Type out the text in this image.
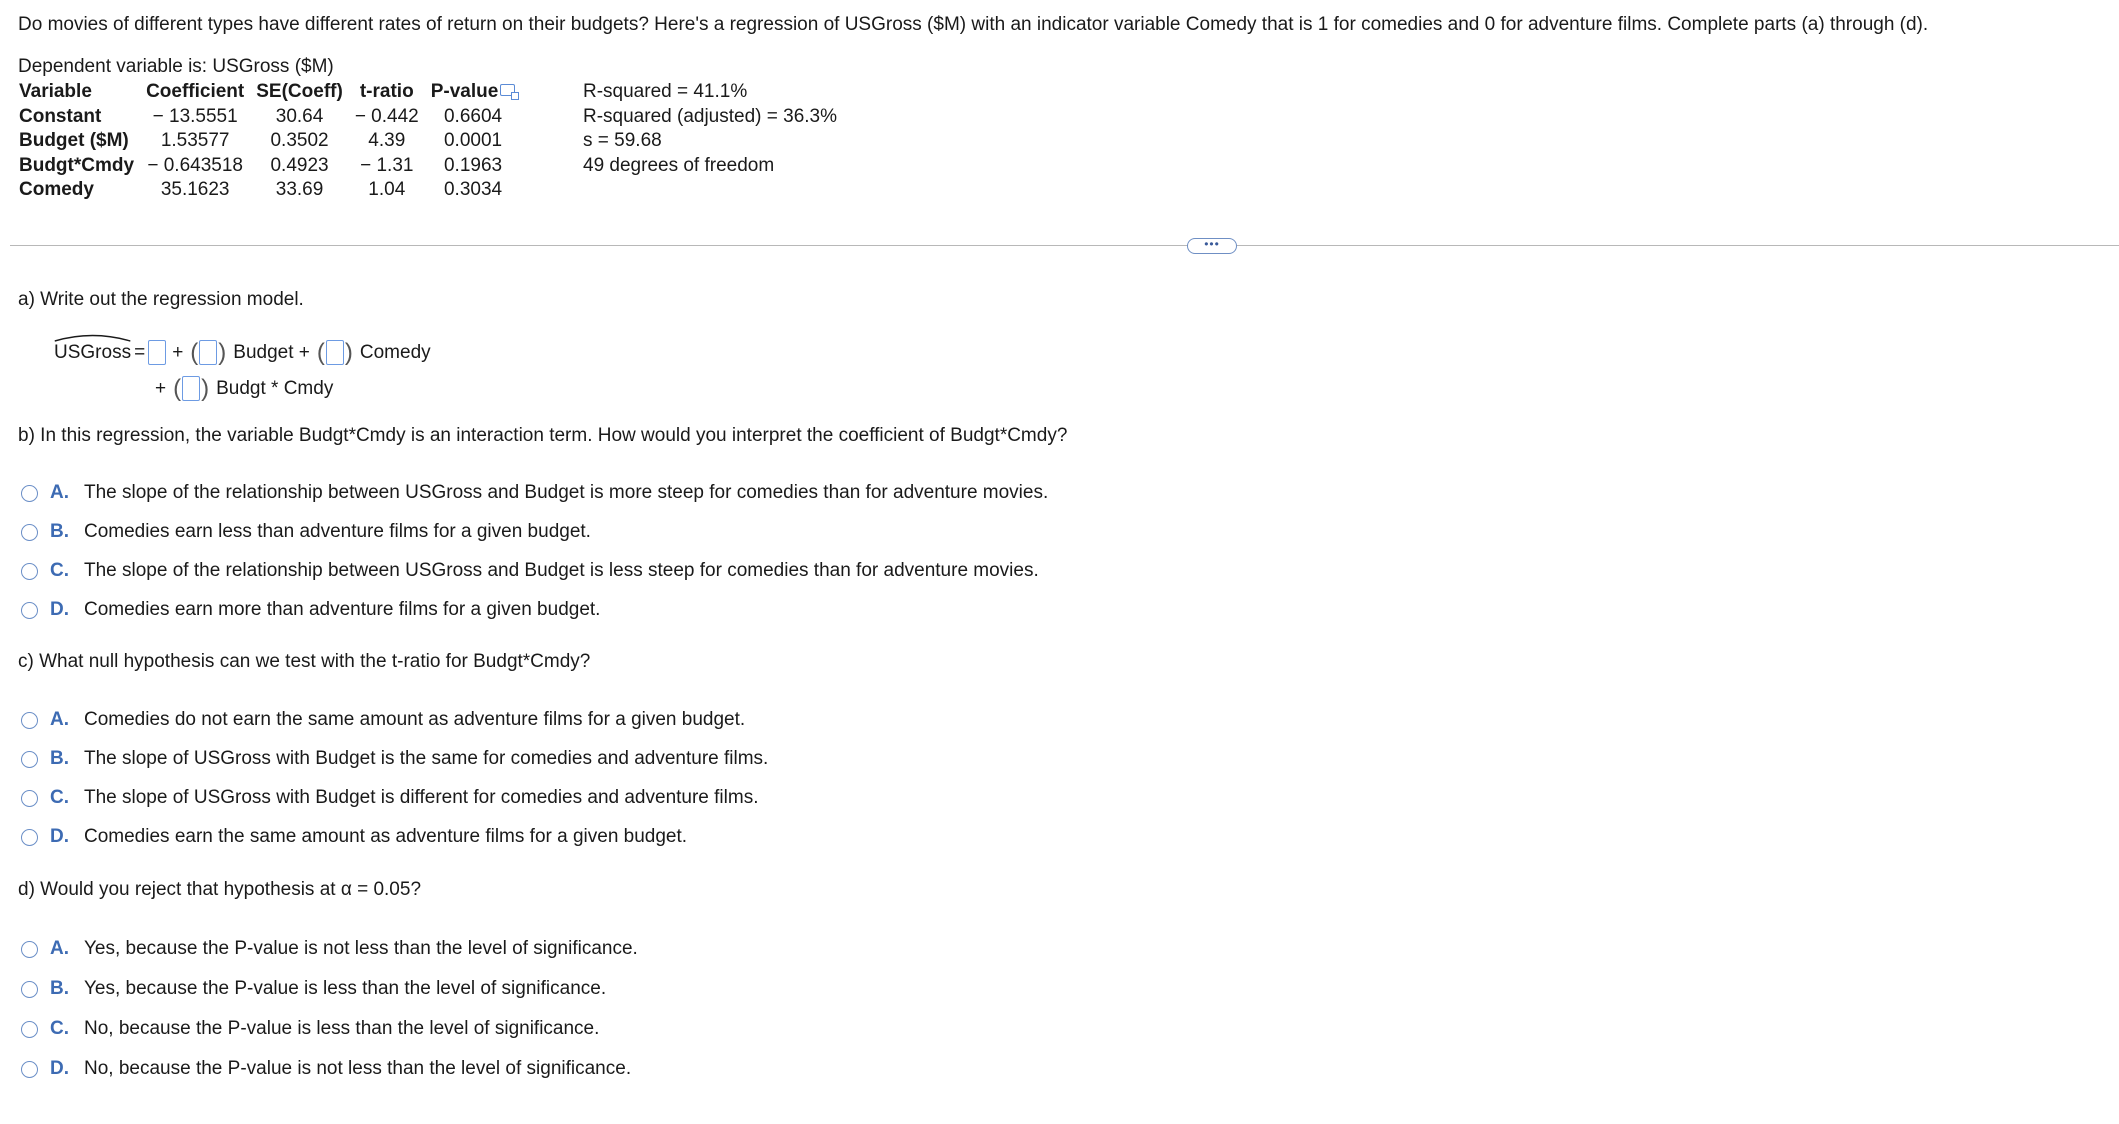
Do movies of different types have different rates of return on their budgets? Here's a regression of USGross ($M) with an indicator variable Comedy that is 1 for comedies and 0 for adventure films. Complete parts (a) through (d).
Dependent variable is: USGross ($M)
Variable	Coefficient	SE(Coeff)	t-ratio	P-value
Constant	− 13.5551	30.64	− 0.442	0.6604
Budget ($M)	1.53577	0.3502	4.39	0.0001
Budgt*Cmdy	− 0.643518	0.4923	− 1.31	0.1963
Comedy	35.1623	33.69	1.04	0.3034
R-squared = 41.1%
R-squared (adjusted) = 36.3%
s = 59.68
49 degrees of freedom
•••
a) Write out the regression model.
USGross = + ( ) Budget + ( ) Comedy
+ ( ) Budgt * Cmdy
b) In this regression, the variable Budgt*Cmdy is an interaction term. How would you interpret the coefficient of Budgt*Cmdy?
A. The slope of the relationship between USGross and Budget is more steep for comedies than for adventure movies.
B. Comedies earn less than adventure films for a given budget.
C. The slope of the relationship between USGross and Budget is less steep for comedies than for adventure movies.
D. Comedies earn more than adventure films for a given budget.
c) What null hypothesis can we test with the t-ratio for Budgt*Cmdy?
A. Comedies do not earn the same amount as adventure films for a given budget.
B. The slope of USGross with Budget is the same for comedies and adventure films.
C. The slope of USGross with Budget is different for comedies and adventure films.
D. Comedies earn the same amount as adventure films for a given budget.
d) Would you reject that hypothesis at α = 0.05?
A. Yes, because the P-value is not less than the level of significance.
B. Yes, because the P-value is less than the level of significance.
C. No, because the P-value is less than the level of significance.
D. No, because the P-value is not less than the level of significance.
